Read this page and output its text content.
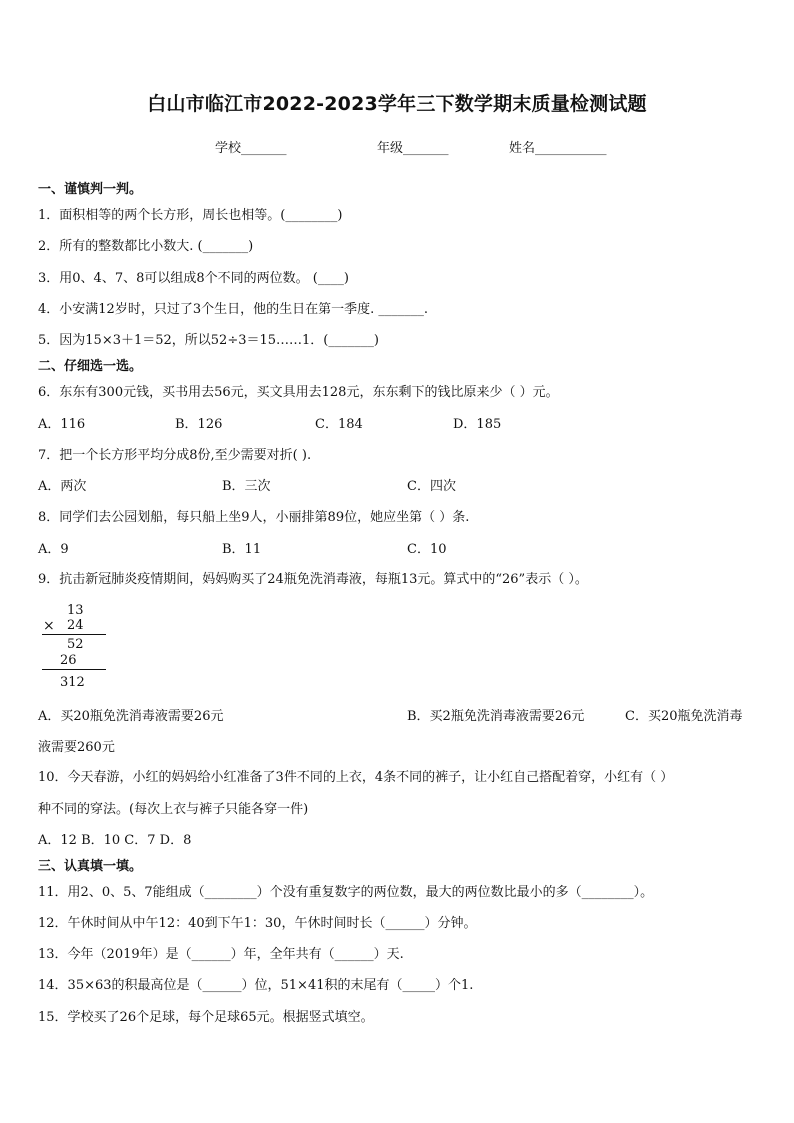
白山市临江市2022-2023学年三下数学期末质量检测试题
学校_______	年级_______	姓名___________
一、谨慎判一判。
1．面积相等的两个长方形，周长也相等。(________)
2．所有的整数都比小数大. (_______)
3．用0、4、7、8可以组成8个不同的两位数。 (____)
4．小安满12岁时，只过了3个生日，他的生日在第一季度. _______.
5．因为15×3＋1＝52，所以52÷3＝15……1．(_______)
二、仔细选一选。
6．东东有300元钱，买书用去56元，买文具用去128元，东东剩下的钱比原来少（ ）元。
A．116	B．126	C．184	D．185
7．把一个长方形平均分成8份,至少需要对折( ).
A．两次	B．三次	C．四次
8．同学们去公园划船，每只船上坐9人，小丽排第89位，她应坐第（ ）条.
A．9	B．11	C．10
9．抗击新冠肺炎疫情期间，妈妈购买了24瓶免洗消毒液，每瓶13元。算式中的“26”表示（ ）。
13
× 24
52
26
312
A．买20瓶免洗消毒液需要26元	B．买2瓶免洗消毒液需要26元	C．买20瓶免洗消毒
液需要260元
10．今天春游，小红的妈妈给小红准备了3件不同的上衣，4条不同的裤子，让小红自己搭配着穿，小红有（ ）
种不同的穿法。(每次上衣与裤子只能各穿一件)
A．12 B．10 C．7 D．8
三、认真填一填。
11．用2、0、5、7能组成（________）个没有重复数字的两位数，最大的两位数比最小的多（________）。
12．午休时间从中午12：40到下午1：30，午休时间时长（______）分钟。
13．今年（2019年）是（______）年，全年共有（______）天.
14．35×63的积最高位是（______）位，51×41积的末尾有（_____）个1.
15．学校买了26个足球，每个足球65元。根据竖式填空。
